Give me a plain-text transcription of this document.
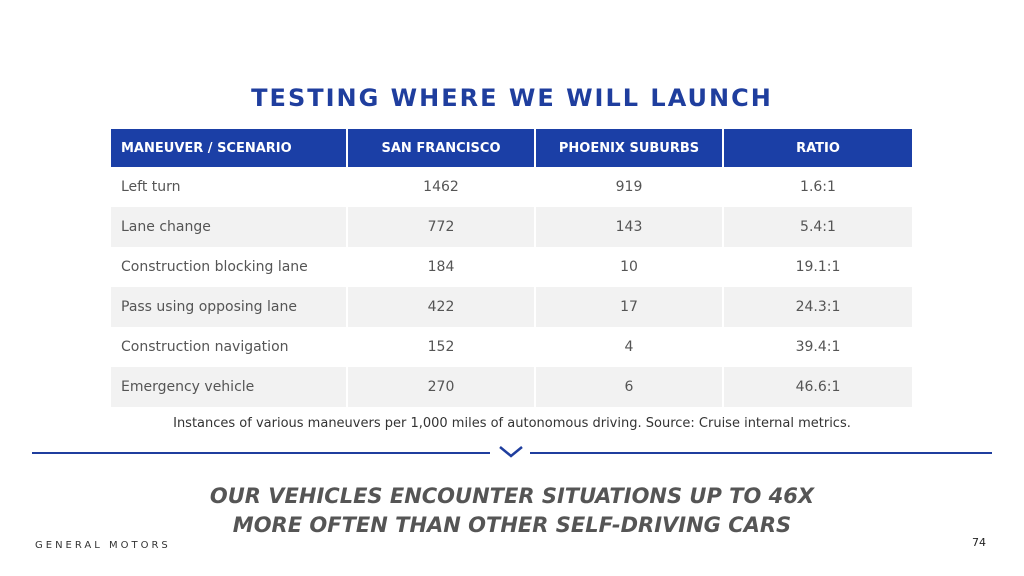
TESTING WHERE WE WILL LAUNCH
MANEUVER / SCENARIO	SAN FRANCISCO	PHOENIX SUBURBS	RATIO
Left turn	1462	919	1.6:1
Lane change	772	143	5.4:1
Construction blocking lane	184	10	19.1:1
Pass using opposing lane	422	17	24.3:1
Construction navigation	152	4	39.4:1
Emergency vehicle	270	6	46.6:1
Instances of various maneuvers per 1,000 miles of autonomous driving. Source: Cruise internal metrics.
OUR VEHICLES ENCOUNTER SITUATIONS UP TO 46X
MORE OFTEN THAN OTHER SELF-DRIVING CARS
GENERAL MOTORS	74
